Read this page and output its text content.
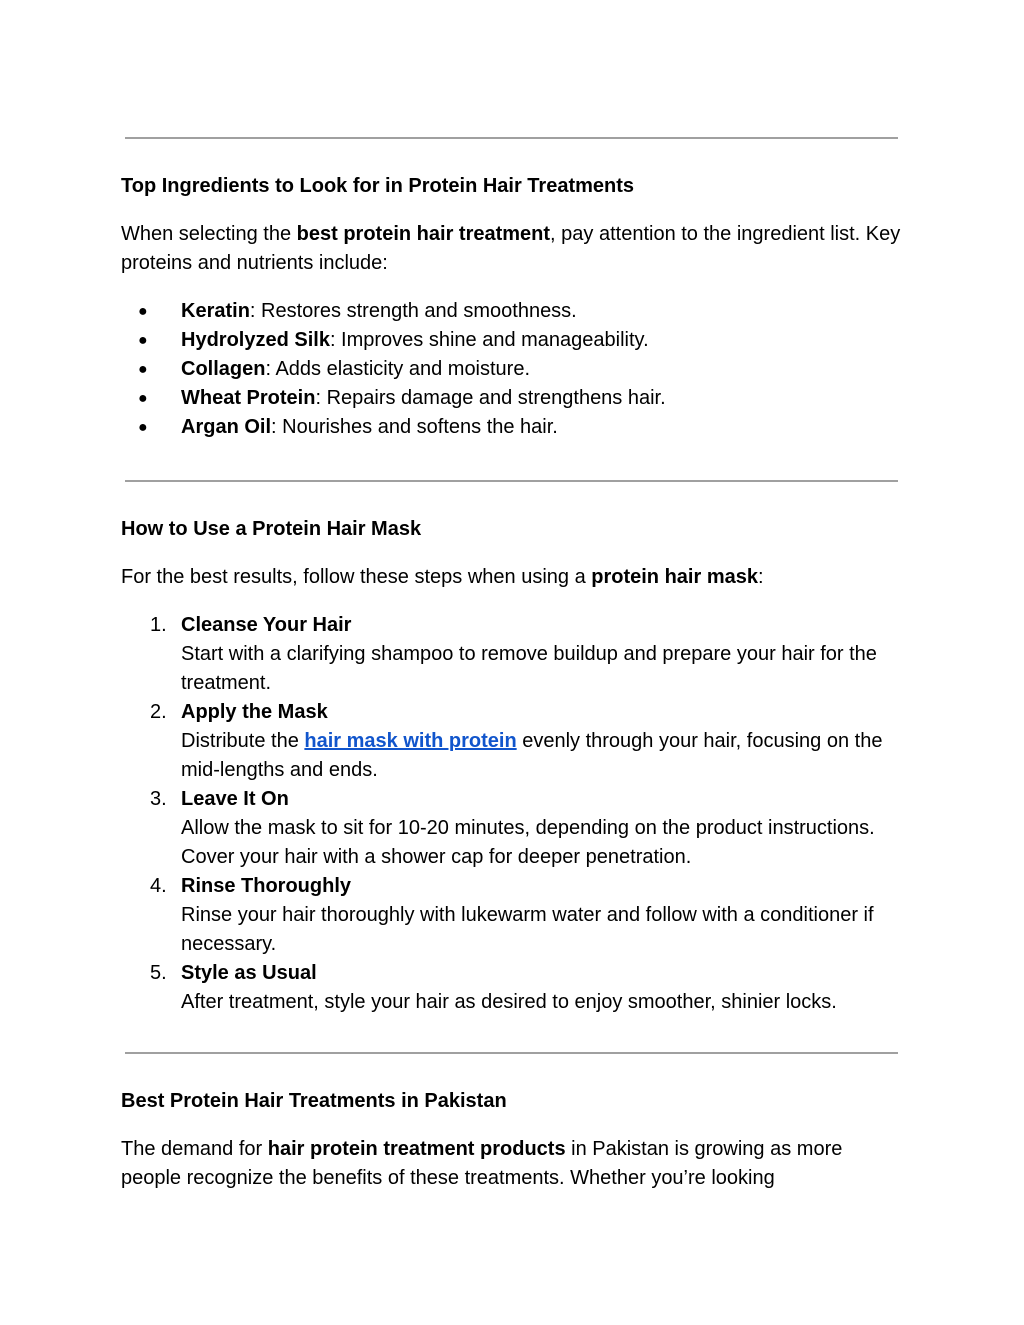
Top Ingredients to Look for in Protein Hair Treatments

When selecting the best protein hair treatment, pay attention to the ingredient list. Key proteins and nutrients include:

● Keratin: Restores strength and smoothness.
● Hydrolyzed Silk: Improves shine and manageability.
● Collagen: Adds elasticity and moisture.
● Wheat Protein: Repairs damage and strengthens hair.
● Argan Oil: Nourishes and softens the hair.
How to Use a Protein Hair Mask

For the best results, follow these steps when using a protein hair mask:

1. Cleanse Your Hair
Start with a clarifying shampoo to remove buildup and prepare your hair for the treatment.
2. Apply the Mask
Distribute the hair mask with protein evenly through your hair, focusing on the mid-lengths and ends.
3. Leave It On
Allow the mask to sit for 10-20 minutes, depending on the product instructions. Cover your hair with a shower cap for deeper penetration.
4. Rinse Thoroughly
Rinse your hair thoroughly with lukewarm water and follow with a conditioner if necessary.
5. Style as Usual
After treatment, style your hair as desired to enjoy smoother, shinier locks.
Best Protein Hair Treatments in Pakistan

The demand for hair protein treatment products in Pakistan is growing as more people recognize the benefits of these treatments. Whether you’re looking
